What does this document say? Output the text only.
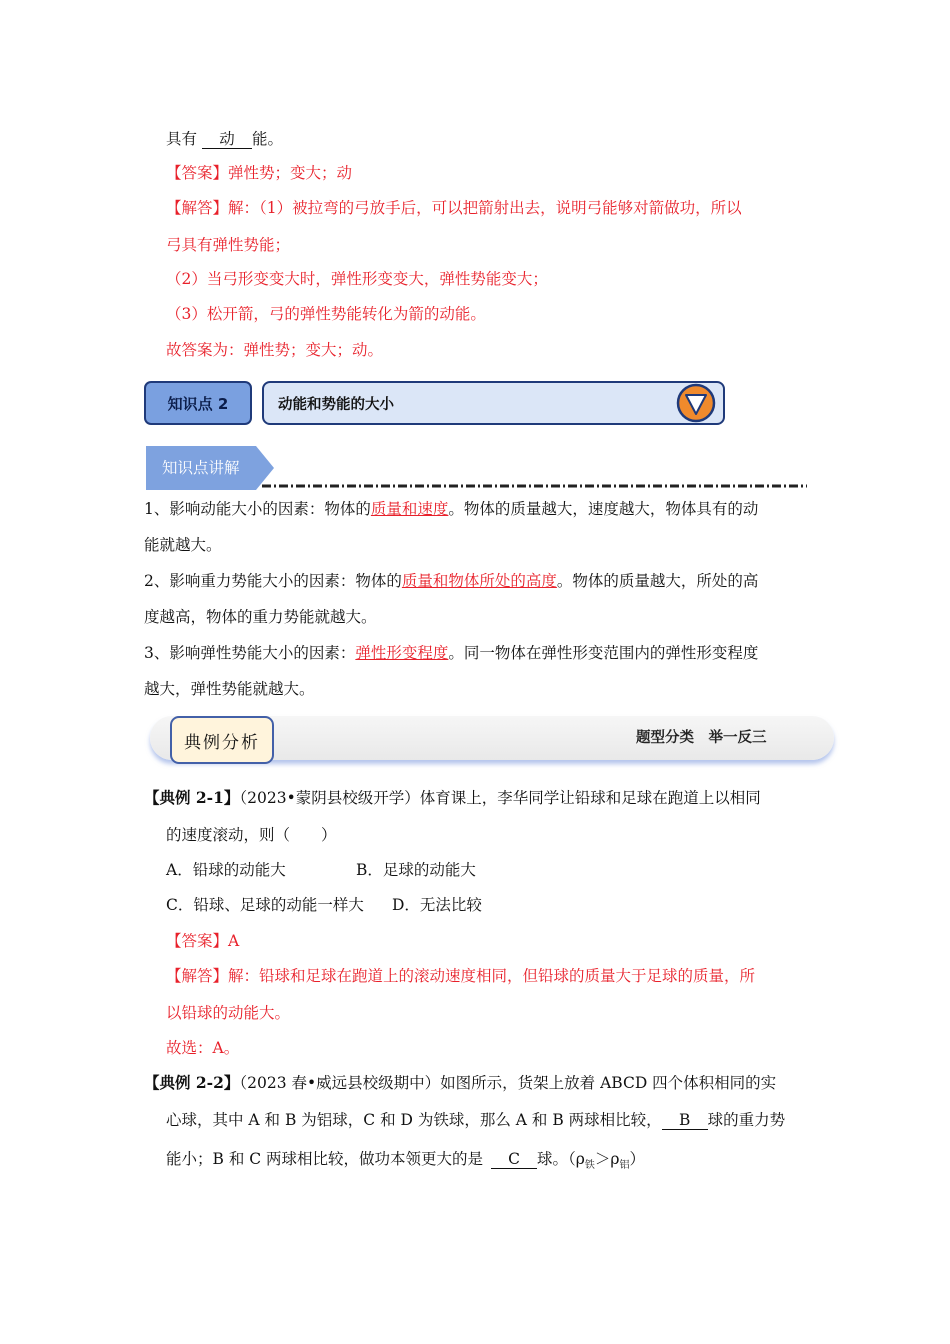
具有 动 能。
【答案】弹性势；变大；动
【解答】解：（1）被拉弯的弓放手后，可以把箭射出去，说明弓能够对箭做功，所以
弓具有弹性势能；
（2）当弓形变变大时，弹性形变变大，弹性势能变大；
（3）松开箭，弓的弹性势能转化为箭的动能。
故答案为：弹性势；变大；动。
知识点 2	动能和势能的大小
知识点讲解
1、影响动能大小的因素：物体的质量和速度。物体的质量越大，速度越大，物体具有的动
能就越大。
2、影响重力势能大小的因素：物体的质量和物体所处的高度。物体的质量越大，所处的高
度越高，物体的重力势能就越大。
3、影响弹性势能大小的因素：弹性形变程度。同一物体在弹性形变范围内的弹性形变程度
越大，弹性势能就越大。
典例分析	题型分类　举一反三
【典例 2-1】（2023•蒙阴县校级开学）体育课上，李华同学让铅球和足球在跑道上以相同
的速度滚动，则（　　）
A．铅球的动能大	B．足球的动能大
C．铅球、足球的动能一样大 D．无法比较
【答案】A
【解答】解：铅球和足球在跑道上的滚动速度相同，但铅球的质量大于足球的质量，所
以铅球的动能大。
故选：A。
【典例 2-2】（2023 春•威远县校级期中）如图所示，货架上放着 ABCD 四个体积相同的实
心球，其中 A 和 B 为铝球，C 和 D 为铁球，那么 A 和 B 两球相比较， B 球的重力势
能小；B 和 C 两球相比较，做功本领更大的是 C 球。$(\rho_铁>\rho_铝)$
